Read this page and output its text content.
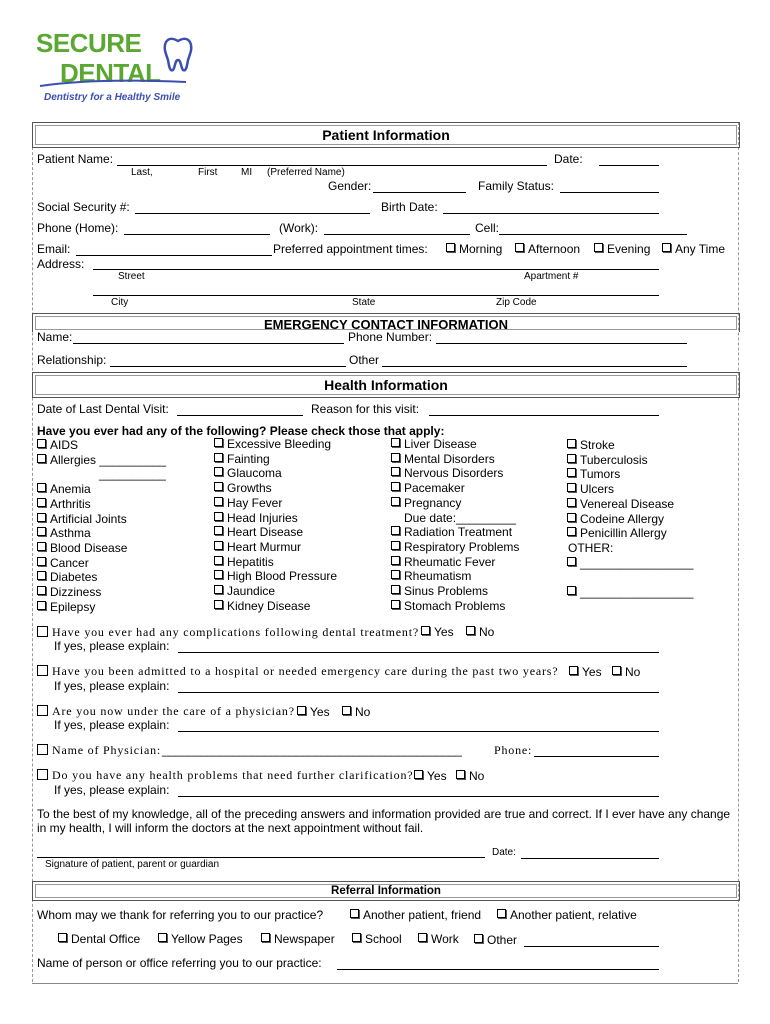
SECURE
DENTAL
Dentistry for a Healthy Smile
Patient Information
Patient Name:	Date:
Last,	First MI (Preferred Name)
Gender:	Family Status:
Social Security #:	Birth Date:
Phone (Home):	(Work):	Cell:
Email:	Preferred appointment times:	Morning	Afternoon	Evening	Any Time
Address:
Street	Apartment #
City	State	Zip Code
EMERGENCY CONTACT INFORMATION
Name:	Phone Number:
Relationship:	Other
Health Information
Date of Last Dental Visit:	Reason for this visit:
Have you ever had any of the following? Please check those that apply:
AIDS
Allergies __________
__________
Anemia
Arthritis
Artificial Joints
Asthma
Blood Disease
Cancer
Diabetes
Dizziness
Epilepsy
Excessive Bleeding
Fainting
Glaucoma
Growths
Hay Fever
Head Injuries
Heart Disease
Heart Murmur
Hepatitis
High Blood Pressure
Jaundice
Kidney Disease
Liver Disease
Mental Disorders
Nervous Disorders
Pacemaker
Pregnancy
Due date:_________
Radiation Treatment
Respiratory Problems
Rheumatic Fever
Rheumatism
Sinus Problems
Stomach Problems
Stroke
Tuberculosis
Tumors
Ulcers
Venereal Disease
Codeine Allergy
Penicillin Allergy
OTHER:
_________________
_________________
Have you ever had any complications following dental treatment?	Yes	No
If yes, please explain:
Have you been admitted to a hospital or needed emergency care during the past two years?	Yes	No
If yes, please explain:
Are you now under the care of a physician?	Yes	No
If yes, please explain:
Name of Physician: _______________________________________________	Phone:
Do you have any health problems that need further clarification?	Yes	No
If yes, please explain:
To the best of my knowledge, all of the preceding answers and information provided are true and correct. If I ever have any change in my health, I will inform the doctors at the next appointment without fail.
Date:
Signature of patient, parent or guardian
Referral Information
Whom may we thank for referring you to our practice?	Another patient, friend	Another patient, relative
Dental Office	Yellow Pages	Newspaper	School	Work	Other
Name of person or office referring you to our practice:
